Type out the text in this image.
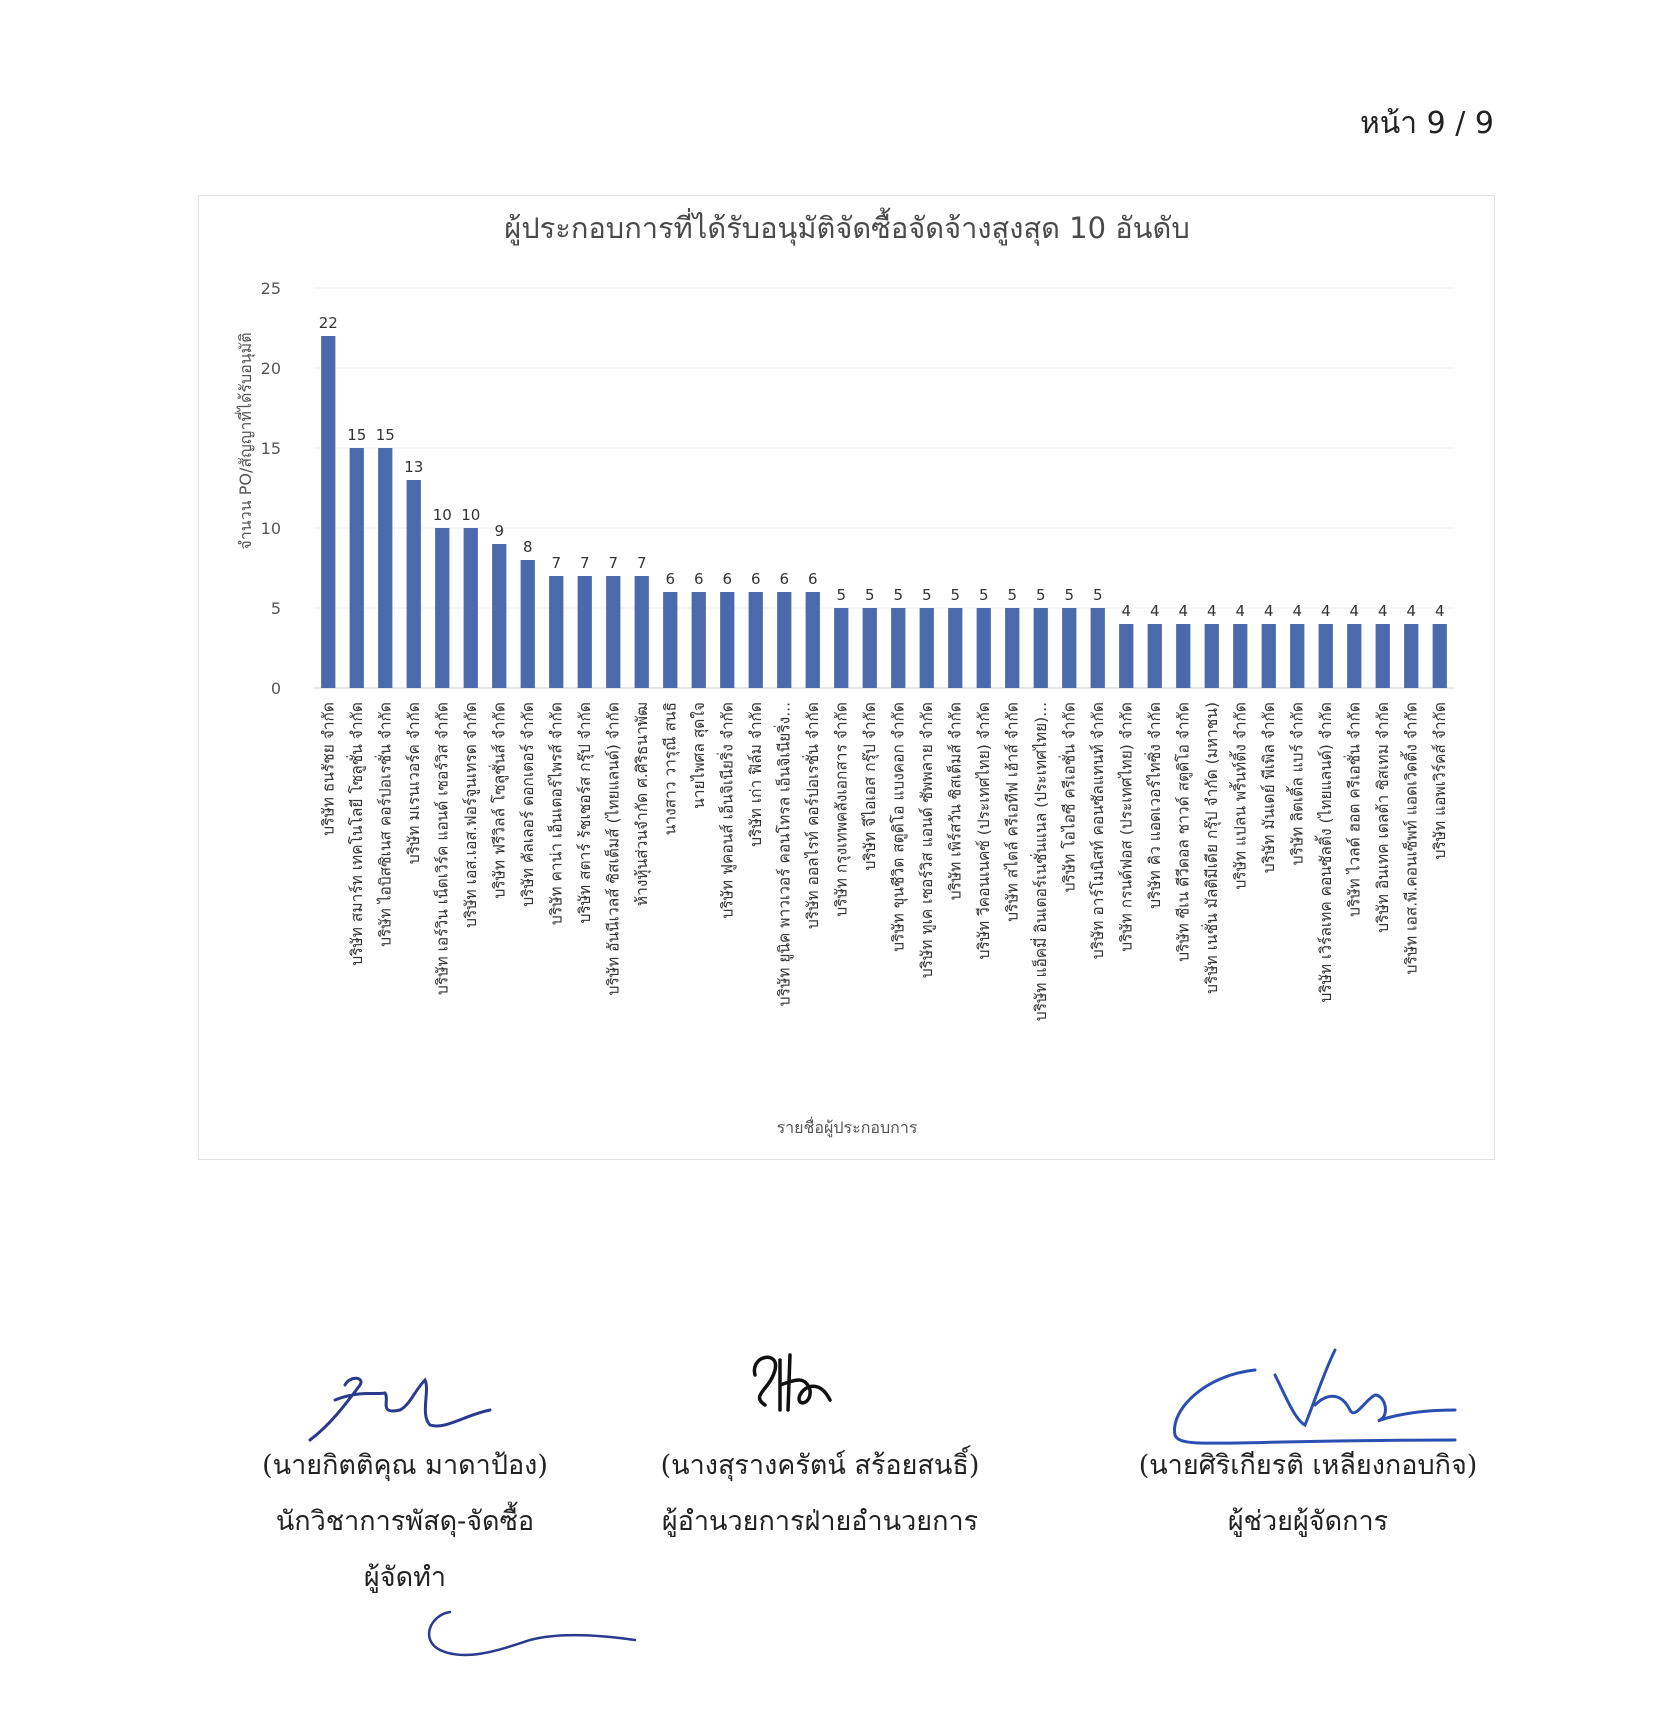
หน้า 9 / 9
ผู้ประกอบการที่ได้รับอนุมัติจัดซื้อจัดจ้างสูงสุด 10 อันดับ
0
5
10
15
20
25
22
15 15
13
10 10
9
8
7 7 7 7
6 6 6 6 6 6
5 5 5 5 5 5 5 5 5 5
4 4 4 4 4 4 4 4 4 4 4 4
บริษัท ธนรัชย จำกัด บริษัท สมาร์ท เทคโนโลยี โซลูชั่น จำกัด บริษัท ไอบิสซิเนส คอร์ปอเรชั่น จำกัด บริษัท มเรนเวอร์ค จำกัด บริษัท เอร์วิน เน็ตเวิร์ค แอนด์ เซอร์วิส จำกัด บริษัท เอส.เอส.ฟอร์จูนเทรด จำกัด บริษัท ฟรีวิลล์ โซลูชั่นส์ จำกัด บริษัท คัลเลอร์ ดอกเตอร์ จำกัด บริษัท คาน่า เอ็นเตอร์ไพรส์ จำกัด บริษัท สตาร์ ร้ชเชอร์ส กรุ๊ป จำกัด บริษัท อันนีเวลส์ ซิสเต็มส์ (ไทยแลนด์) จำกัด ห้างหุ้นส่วนจำกัด ศ.ศิริธนาพัฒ นางสาว วารุณี สนธิ นายไพศล สุดใจ บริษัท ฟูคอนส์ เอ็นจิเนียริ่ง จำกัด บริษัท เก่า ฟิล์ม จำกัด บริษัท ยูนิค พาวเวอร์ คอนโทรล เอ็นจิเนียริ่ง... บริษัท ออลไรท์ คอร์ปอเรชั่น จำกัด บริษัท กรุงเทพคลังเอกสาร จำกัด บริษัท จีไอเอส กรุ๊ป จำกัด บริษัท ขุนชีวิต สตูดิโอ แบงคอก จำกัด บริษัท ทูเค เซอร์วิส แอนด์ ซัพพลาย จำกัด บริษัท เพิร์สวัน ซิสเต็มส์ จำกัด บริษัท วีคอนเนคซ์ (ประเทศไทย) จำกัด บริษัท สไตล์ ครีเอทีฟ เฮ้าส์ จำกัด บริษัท แอ็คมี่ อินเตอร์เนชั่นแนล (ประเทศไทย)... บริษัท โอไอซี ครีเอชั่น จำกัด บริษัท อาร์โมนิสท์ คอนซัลแทนท์ จำกัด บริษัท กรนด์ฟอส (ประเทศไทย) จำกัด บริษัท คิว แอดเวอร์ไทซิ่ง จำกัด บริษัท ซีเน ดีวีดอล ชาวด์ สตูดิโอ จำกัด บริษัท เนชั่น มัลติมีเดีย กรุ๊ป จำกัด (มหาชน) บริษัท แปลน พริ้นท์ติ้ง จำกัด บริษัท มันเดย์ พีเพิล จำกัด บริษัท ลิตเติ้ล แบร์ จำกัด บริษัท เวิร์ลเทค คอนซัลติ้ง (ไทยแลนด์) จำกัด บริษัท ไวลด์ ฮอต ครีเอชั่น จำกัด บริษัท อินเทค เดลต้า ซิสเทม จำกัด บริษัท เอส.พี.คอนเซ็พท์ แอดเวิดติ้ง จำกัด บริษัท แอพเวิร์คส์ จำกัด
จำนวน PO/สัญญาที่ได้รับอนุมัติ
รายชื่อผู้ประกอบการ
(นายกิตติคุณ มาดาป้อง)
นักวิชาการพัสดุ-จัดซื้อ
ผู้จัดทำ
(นางสุรางครัตน์ สร้อยสนธิ์)
ผู้อำนวยการฝ่ายอำนวยการ
(นายศิริเกียรติ เหลียงกอบกิจ)
ผู้ช่วยผู้จัดการ
